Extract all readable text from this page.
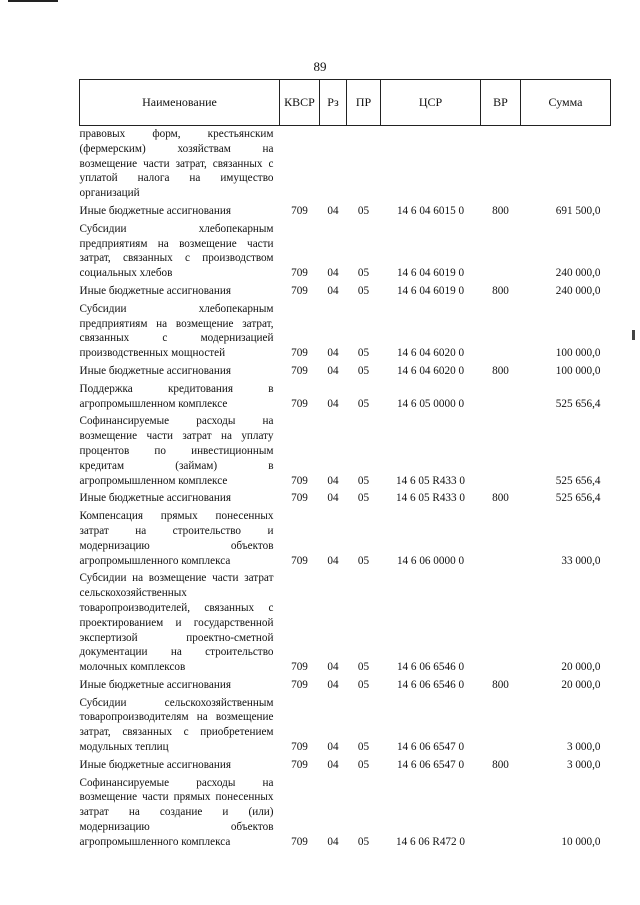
89
Наименование	КВСР	Рз	ПР	ЦСР	ВР	Сумма
правовых форм, крестьянским (фермерским) хозяйствам на возмещение части затрат, связанных с уплатой налога на имущество организаций						
Иные бюджетные ассигнования	709	04	05	14 6 04 6015 0	800	691 500,0
Субсидии хлебопекарным предприятиям на возмещение части затрат, связанных с производством социальных хлебов	709	04	05	14 6 04 6019 0		240 000,0
Иные бюджетные ассигнования	709	04	05	14 6 04 6019 0	800	240 000,0
Субсидии хлебопекарным предприятиям на возмещение затрат, связанных с модернизацией производственных мощностей	709	04	05	14 6 04 6020 0		100 000,0
Иные бюджетные ассигнования	709	04	05	14 6 04 6020 0	800	100 000,0
Поддержка кредитования в агропромышленном комплексе	709	04	05	14 6 05 0000 0		525 656,4
Софинансируемые расходы на возмещение части затрат на уплату процентов по инвестиционным кредитам (займам) в агропромышленном комплексе	709	04	05	14 6 05 R433 0		525 656,4
Иные бюджетные ассигнования	709	04	05	14 6 05 R433 0	800	525 656,4
Компенсация прямых понесенных затрат на строительство и модернизацию объектов агропромышленного комплекса	709	04	05	14 6 06 0000 0		33 000,0
Субсидии на возмещение части затрат сельскохозяйственных товаропроизводителей, связанных с проектированием и государственной экспертизой проектно-сметной документации на строительство молочных комплексов	709	04	05	14 6 06 6546 0		20 000,0
Иные бюджетные ассигнования	709	04	05	14 6 06 6546 0	800	20 000,0
Субсидии сельскохозяйственным товаропроизводителям на возмещение затрат, связанных с приобретением модульных теплиц	709	04	05	14 6 06 6547 0		3 000,0
Иные бюджетные ассигнования	709	04	05	14 6 06 6547 0	800	3 000,0
Софинансируемые расходы на возмещение части прямых понесенных затрат на создание и (или) модернизацию объектов агропромышленного комплекса	709	04	05	14 6 06 R472 0		10 000,0
